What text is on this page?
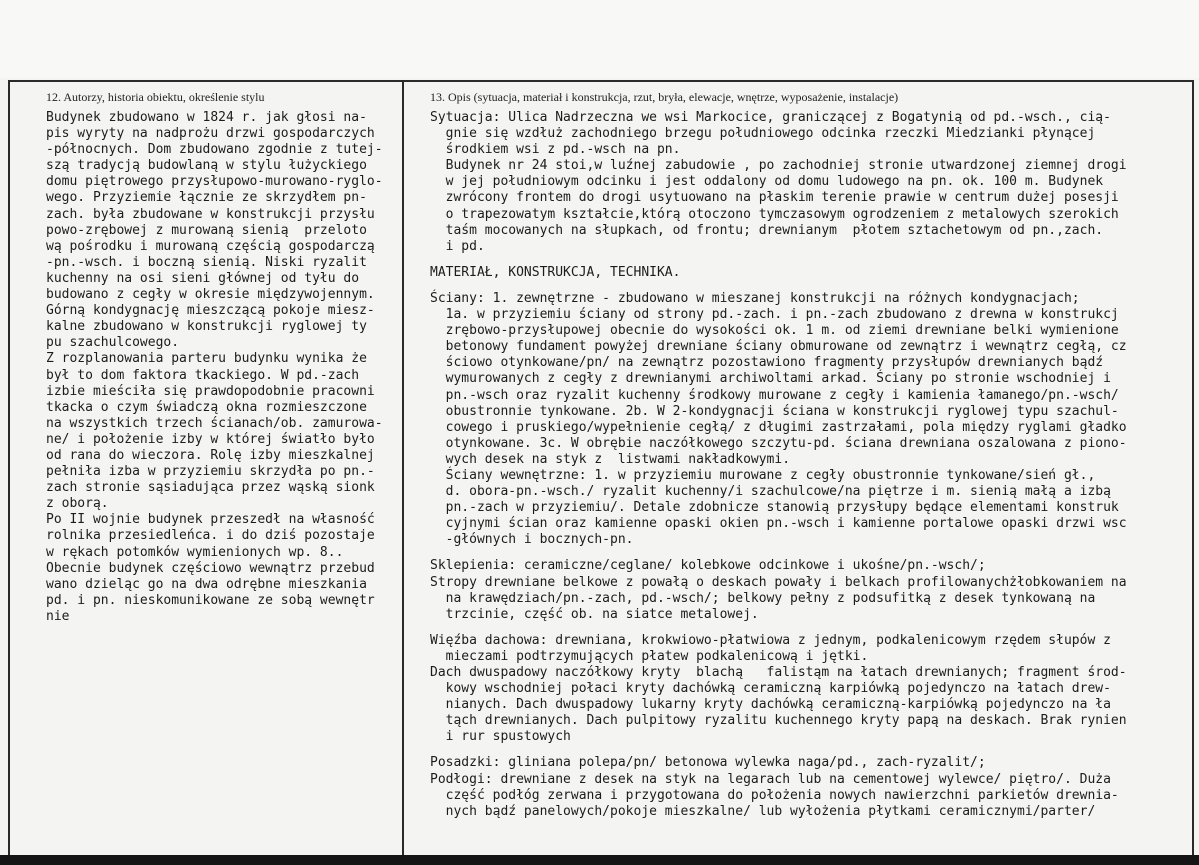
12. Autorzy, historia obiektu, określenie stylu	13. Opis (sytuacja, materiał i konstrukcja, rzut, bryła, elewacje, wnętrze, wyposażenie, instalacje)
Budynek zbudowano w 1824 r. jak głosi na-
pis wyryty na nadprożu drzwi gospodarczych
-północnych. Dom zbudowano zgodnie z tutej-
szą tradycją budowlaną w stylu łużyckiego
domu piętrowego przysłupowo-murowano-ryglo-
wego. Przyziemie łącznie ze skrzydłem pn-
zach. była zbudowane w konstrukcji przysłu
powo-zrębowej z murowaną sienią  przeloto
wą pośrodku i murowaną częścią gospodarczą
-pn.-wsch. i boczną sienią. Niski ryzalit
kuchenny na osi sieni głównej od tyłu do
budowano z cegły w okresie międzywojennym.
Górną kondygnację mieszczącą pokoje miesz-
kalne zbudowano w konstrukcji ryglowej ty
pu szachulcowego.
Z rozplanowania parteru budynku wynika że
był to dom faktora tkackiego. W pd.-zach
izbie mieściła się prawdopodobnie pracowni
tkacka o czym świadczą okna rozmieszczone
na wszystkich trzech ścianach/ob. zamurowa-
ne/ i położenie izby w której światło było
od rana do wieczora. Rolę izby mieszkalnej
pełniła izba w przyziemiu skrzydła po pn.-
zach stronie sąsiadująca przez wąską sionk
z oborą.
Po II wojnie budynek przeszedł na własność
rolnika przesiedleńca. i do dziś pozostaje
w rękach potomków wymienionych wp. 8..
Obecnie budynek częściowo wewnątrz przebud
wano dzieląc go na dwa odrębne mieszkania
pd. i pn. nieskomunikowane ze sobą wewnętr
nie
Sytuacja: Ulica Nadrzeczna we wsi Markocice, graniczącej z Bogatynią od pd.-wsch., cią-
gnie się wzdłuż zachodniego brzegu południowego odcinka rzeczki Miedzianki płynącej
środkiem wsi z pd.-wsch na pn.
Budynek nr 24 stoi,w luźnej zabudowie , po zachodniej stronie utwardzonej ziemnej drogi
w jej południowym odcinku i jest oddalony od domu ludowego na pn. ok. 100 m. Budynek
zwrócony frontem do drogi usytuowano na płaskim terenie prawie w centrum dużej posesji
o trapezowatym kształcie,którą otoczono tymczasowym ogrodzeniem z metalowych szerokich
taśm mocowanych na słupkach, od frontu; drewnianym  płotem sztachetowym od pn.,zach.
i pd.
MATERIAŁ, KONSTRUKCJA, TECHNIKA.
Ściany: 1. zewnętrzne - zbudowano w mieszanej konstrukcji na różnych kondygnacjach;
1a. w przyziemiu ściany od strony pd.-zach. i pn.-zach zbudowano z drewna w konstrukcj
zrębowo-przysłupowej obecnie do wysokości ok. 1 m. od ziemi drewniane belki wymienione
betonowy fundament powyżej drewniane ściany obmurowane od zewnątrz i wewnątrz cegłą, cz
ściowo otynkowane/pn/ na zewnątrz pozostawiono fragmenty przysłupów drewnianych bądź
wymurowanych z cegły z drewnianymi archiwoltami arkad. Ściany po stronie wschodniej i
pn.-wsch oraz ryzalit kuchenny środkowy murowane z cegły i kamienia łamanego/pn.-wsch/
obustronnie tynkowane. 2b. W 2-kondygnacji ściana w konstrukcji ryglowej typu szachul-
cowego i pruskiego/wypełnienie cegłą/ z długimi zastrzałami, pola między ryglami gładko
otynkowane. 3c. W obrębie naczółkowego szczytu-pd. ściana drewniana oszalowana z piono-
wych desek na styk z  listwami nakładkowymi.
Ściany wewnętrzne: 1. w przyziemiu murowane z cegły obustronnie tynkowane/sień gł.,
d. obora-pn.-wsch./ ryzalit kuchenny/i szachulcowe/na piętrze i m. sienią małą a izbą
pn.-zach w przyziemiu/. Detale zdobnicze stanowią przysłupy będące elementami konstruk
cyjnymi ścian oraz kamienne opaski okien pn.-wsch i kamienne portalowe opaski drzwi wsc
-głównych i bocznych-pn.
Sklepienia: ceramiczne/ceglane/ kolebkowe odcinkowe i ukośne/pn.-wsch/;
Stropy drewniane belkowe z powałą o deskach powały i belkach profilowanychżłobkowaniem na
na krawędziach/pn.-zach, pd.-wsch/; belkowy pełny z podsufitką z desek tynkowaną na
trzcinie, część ob. na siatce metalowej.
Więźba dachowa: drewniana, krokwiowo-płatwiowa z jednym, podkalenicowym rzędem słupów z
mieczami podtrzymujących płatew podkalenicową i jętki.
Dach dwuspadowy naczółkowy kryty  blachą   falistąm na łatach drewnianych; fragment środ-
kowy wschodniej połaci kryty dachówką ceramiczną karpiówką pojedynczo na łatach drew-
nianych. Dach dwuspadowy lukarny kryty dachówką ceramiczną-karpiówką pojedynczo na ła
tąch drewnianych. Dach pulpitowy ryzalitu kuchennego kryty papą na deskach. Brak rynien
i rur spustowych
Posadzki: gliniana polepa/pn/ betonowa wylewka naga/pd., zach-ryzalit/;
Podłogi: drewniane z desek na styk na legarach lub na cementowej wylewce/ piętro/. Duża
część podłóg zerwana i przygotowana do położenia nowych nawierzchni parkietów drewnia-
nych bądź panelowych/pokoje mieszkalne/ lub wyłożenia płytkami ceramicznymi/parter/
